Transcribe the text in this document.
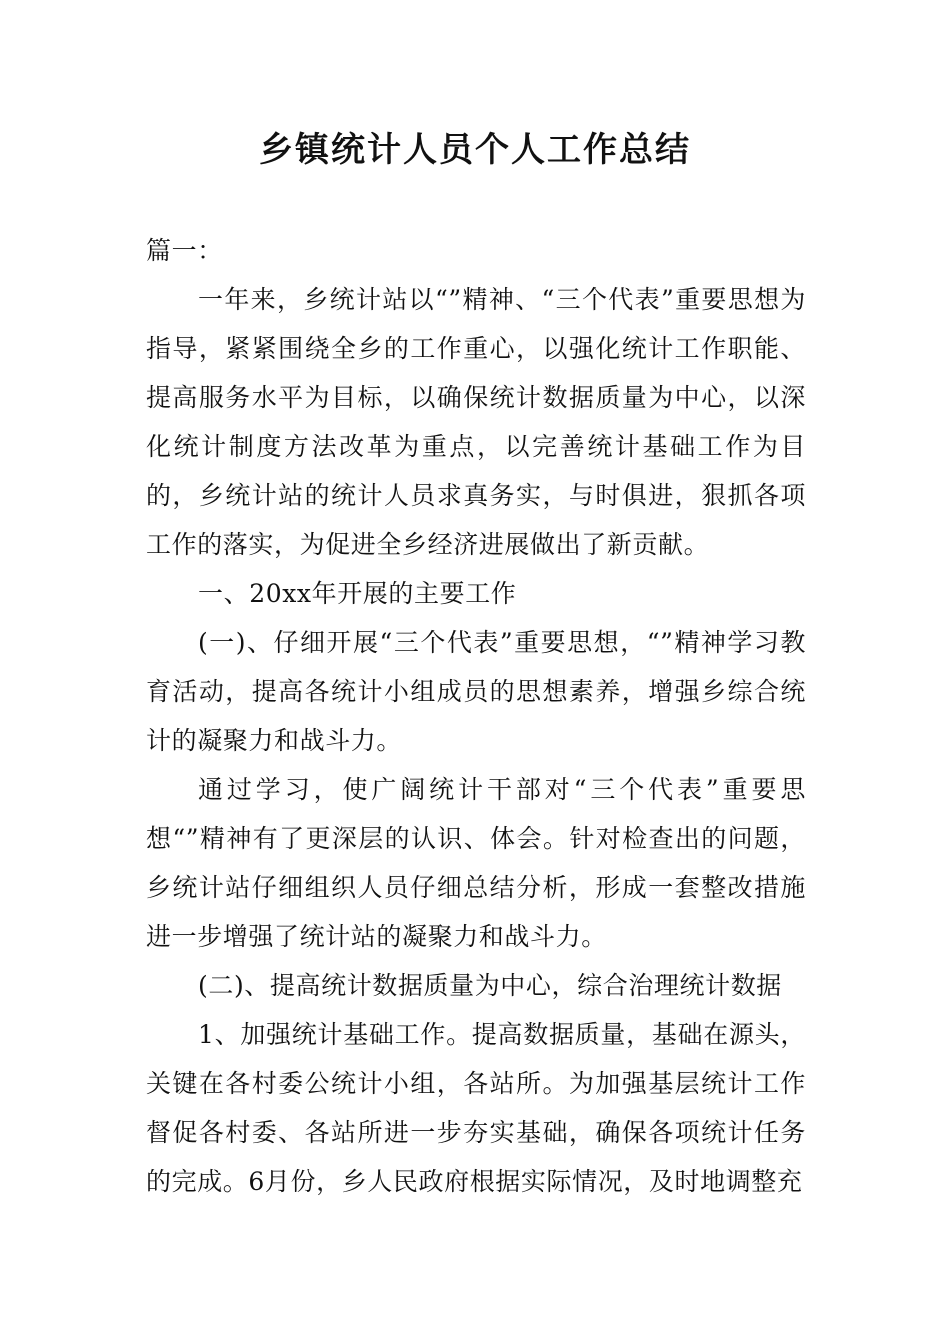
乡镇统计人员个人工作总结

篇一：

一年来，乡统计站以“”精神、“三个代表”重要思想为指导，紧紧围绕全乡的工作重心，以强化统计工作职能、提高服务水平为目标，以确保统计数据质量为中心，以深化统计制度方法改革为重点，以完善统计基础工作为目的，乡统计站的统计人员求真务实，与时俱进，狠抓各项工作的落实，为促进全乡经济进展做出了新贡献。

一、20xx年开展的主要工作

(一)、仔细开展“三个代表”重要思想，“”精神学习教育活动，提高各统计小组成员的思想素养，增强乡综合统计的凝聚力和战斗力。

通过学习，使广阔统计干部对“三个代表”重要思想“”精神有了更深层的认识、体会。针对检查出的问题，乡统计站仔细组织人员仔细总结分析，形成一套整改措施进一步增强了统计站的凝聚力和战斗力。

(二)、提高统计数据质量为中心，综合治理统计数据

1、加强统计基础工作。提高数据质量，基础在源头，关键在各村委公统计小组，各站所。为加强基层统计工作督促各村委、各站所进一步夯实基础，确保各项统计任务的完成。6月份，乡人民政府根据实际情况，及时地调整充
